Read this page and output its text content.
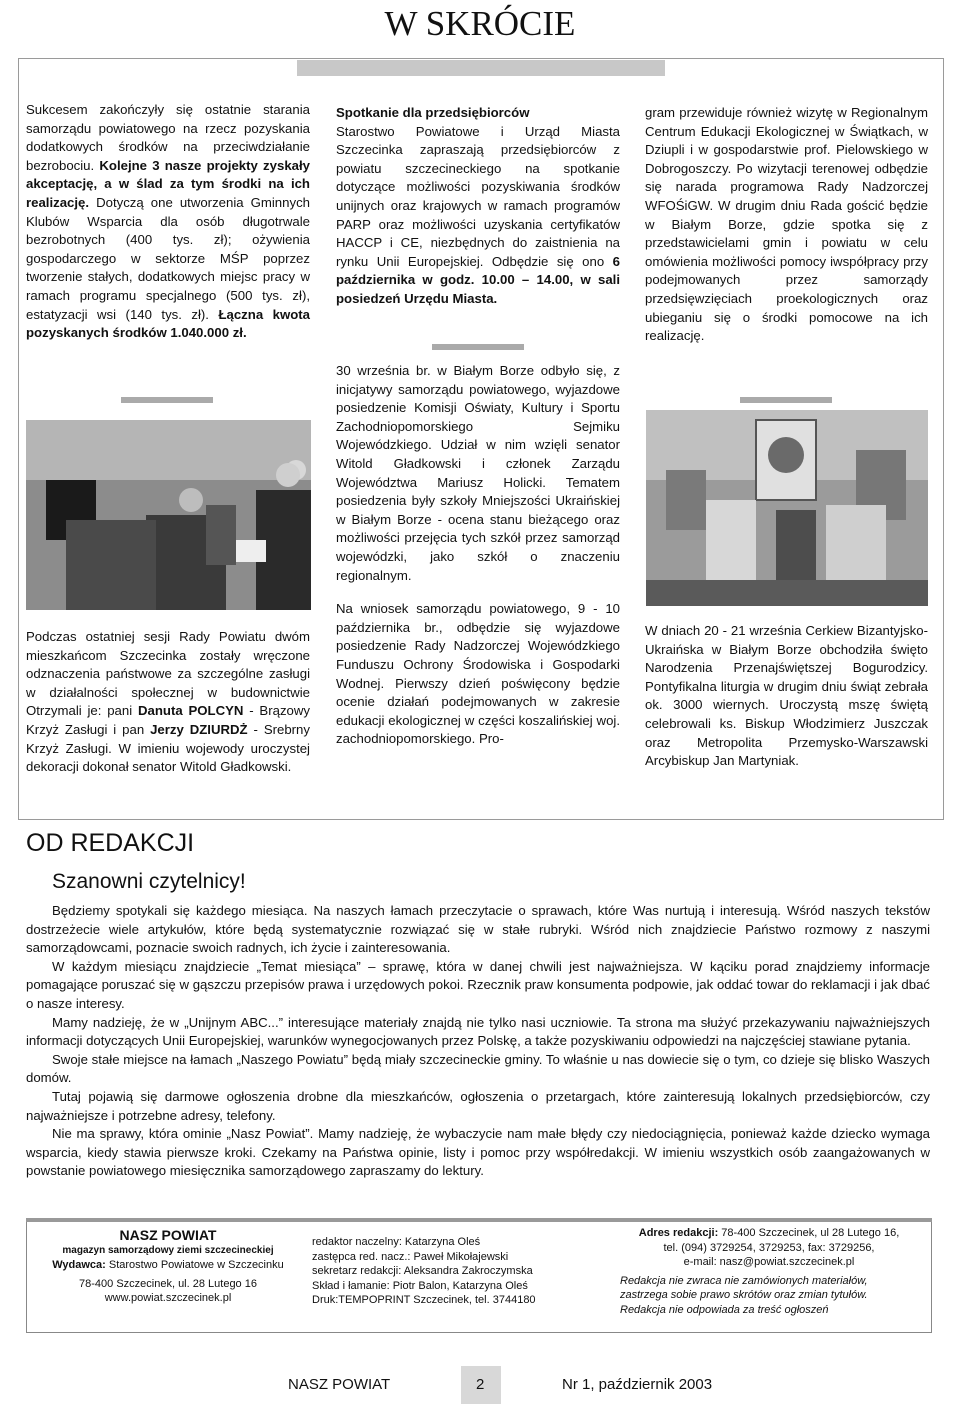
W SKRÓCIE

Sukcesem zakończyły się ostatnie starania samorządu powiatowego na rzecz pozyskania dodatkowych środków na przeciwdziałanie bezrobociu. Kolejne 3 nasze projekty zyskały akceptację, a w ślad za tym środki na ich realizację. Dotyczą one utworzenia Gminnych Klubów Wsparcia dla osób długotrwale bezrobotnych (400 tys. zł); ożywienia gospodarczego w sektorze MŚP poprzez tworzenie stałych, dodatkowych miejsc pracy w ramach programu specjalnego (500 tys. zł), estatyzacji wsi (140 tys. zł). Łączna kwota pozyskanych środków 1.040.000 zł.

Podczas ostatniej sesji Rady Powiatu dwóm mieszkańcom Szczecinka zostały wręczone odznaczenia państwowe za szczególne zasługi w działalności społecznej w budownictwie Otrzymali je: pani Danuta POLCYN - Brązowy Krzyż Zasługi i pan Jerzy DZIURDŻ - Srebrny Krzyż Zasługi. W imieniu wojewody uroczystej dekoracji dokonał senator Witold Gładkowski.

Spotkanie dla przedsiębiorców
Starostwo Powiatowe i Urząd Miasta Szczecinka zapraszają przedsiębiorców z powiatu szczecineckiego na spotkanie dotyczące możliwości pozyskiwania środków unijnych oraz krajowych w ramach programów PARP oraz możliwości uzyskania certyfikatów HACCP i CE, niezbędnych do zaistnienia na rynku Unii Europejskiej. Odbędzie się ono 6 października w godz. 10.00 – 14.00, w sali posiedzeń Urzędu Miasta.

30 września br. w Białym Borze odbyło się, z inicjatywy samorządu powiatowego, wyjazdowe posiedzenie Komisji Oświaty, Kultury i Sportu Zachodniopomorskiego Sejmiku Wojewódzkiego. Udział w nim wzięli senator Witold Gładkowski i członek Zarządu Województwa Mariusz Holicki. Tematem posiedzenia były szkoły Mniejszości Ukraińskiej w Białym Borze - ocena stanu bieżącego oraz możliwości przejęcia tych szkół przez samorząd wojewódzki, jako szkół o znaczeniu regionalnym.

Na wniosek samorządu powiatowego, 9 - 10 października br., odbędzie się wyjazdowe posiedzenie Rady Nadzorczej Wojewódzkiego Funduszu Ochrony Środowiska i Gospodarki Wodnej. Pierwszy dzień poświęcony będzie ocenie działań podejmowanych w zakresie edukacji ekologicznej w części koszalińskiej woj. zachodniopomorskiego. Pro-

gram przewiduje również wizytę w Regionalnym Centrum Edukacji Ekologicznej w Świątkach, w Dziupli i w gospodarstwie prof. Pielowskiego w Dobrogoszczy. Po wizytacji terenowej odbędzie się narada programowa Rady Nadzorczej WFOŚiGW. W drugim dniu Rada gościć będzie w Białym Borze, gdzie spotka się z przedstawicielami gmin i powiatu w celu omówienia możliwości pomocy iwspółpracy przy podejmowanych przez samorządy przedsięwzięciach proekologicznych oraz ubieganiu się o środki pomocowe na ich realizację.

W dniach 20 - 21 września Cerkiew Bizantyjsko-Ukraińska w Białym Borze obchodziła święto Narodzenia Przenajświętszej Bogurodzicy. Pontyfikalna liturgia w drugim dniu świąt zebrała ok. 3000 wiernych. Uroczystą mszę świętą celebrowali ks. Biskup Włodzimierz Juszczak oraz Metropolita Przemysko-Warszawski Arcybiskup Jan Martyniak.

OD REDAKCJI
Szanowni czytelnicy!

Będziemy spotykali się każdego miesiąca. Na naszych łamach przeczytacie o sprawach, które Was nurtują i interesują. Wśród naszych tekstów dostrzeżecie wiele artykułów, które będą systematycznie rozwiązać się w stałe rubryki. Wśród nich znajdziecie Państwo rozmowy z naszymi samorządowcami, poznacie swoich radnych, ich życie i zainteresowania.

W każdym miesiącu znajdziecie „Temat miesiąca” – sprawę, która w danej chwili jest najważniejsza. W kąciku porad znajdziemy informacje pomagające poruszać się w gąszczu przepisów prawa i urzędowych pokoi. Rzecznik praw konsumenta podpowie, jak oddać towar do reklamacji i jak dbać o nasze interesy.

Mamy nadzieję, że w „Unijnym ABC...” interesujące materiały znajdą nie tylko nasi uczniowie. Ta strona ma służyć przekazywaniu najważniejszych informacji dotyczących Unii Europejskiej, warunków wynegocjowanych przez Polskę, a także pozyskiwaniu odpowiedzi na najczęściej stawiane pytania.

Swoje stałe miejsce na łamach „Naszego Powiatu” będą miały szczecineckie gminy. To właśnie u nas dowiecie się o tym, co dzieje się blisko Waszych domów.

Tutaj pojawią się darmowe ogłoszenia drobne dla mieszkańców, ogłoszenia o przetargach, które zainteresują lokalnych przedsiębiorców, czy najważniejsze i potrzebne adresy, telefony.

Nie ma sprawy, która ominie „Nasz Powiat”. Mamy nadzieję, że wybaczycie nam małe błędy czy niedociągnięcia, ponieważ każde dziecko wymaga wsparcia, kiedy stawia pierwsze kroki. Czekamy na Państwa opinie, listy i pomoc przy współredakcji. W imieniu wszystkich osób zaangażowanych w powstanie powiatowego miesięcznika samorządowego zapraszamy do lektury.

NASZ POWIAT
magazyn samorządowy ziemi szczecineckiej
Wydawca: Starostwo Powiatowe w Szczecinku
78-400 Szczecinek, ul. 28 Lutego 16
www.powiat.szczecinek.pl
redaktor naczelny: Katarzyna Oleś
zastępca red. nacz.: Paweł Mikołajewski
sekretarz redakcji: Aleksandra Zakroczymska
Skład i łamanie: Piotr Balon, Katarzyna Oleś
Druk:TEMPOPRINT Szczecinek, tel. 3744180
Adres redakcji: 78-400 Szczecinek, ul 28 Lutego 16,
tel. (094) 3729254, 3729253, fax: 3729256,
e-mail: nasz@powiat.szczecinek.pl
Redakcja nie zwraca nie zamówionych materiałów,
zastrzega sobie prawo skrótów oraz zmian tytułów.
Redakcja nie odpowiada za treść ogłoszeń
NASZ POWIAT	2	Nr 1, październik 2003
